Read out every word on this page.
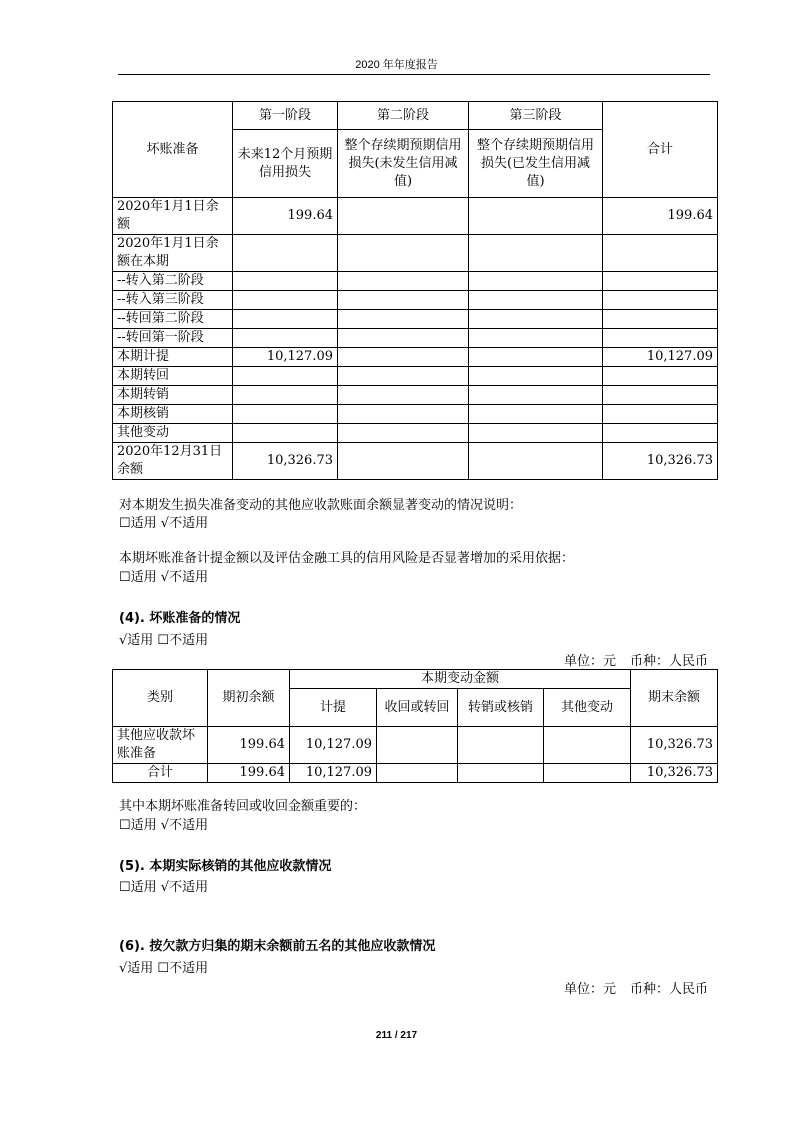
2020 年年度报告
坏账准备	第一阶段	第二阶段	第三阶段	合计
	未来12个月预期信用损失	整个存续期预期信用损失(未发生信用减值)	整个存续期预期信用损失(已发生信用减值)	
2020年1月1日余额	199.64			199.64
2020年1月1日余额在本期				
--转入第二阶段				
--转入第三阶段				
--转回第二阶段				
--转回第一阶段				
本期计提	10,127.09			10,127.09
本期转回				
本期转销				
本期核销				
其他变动				
2020年12月31日余额	10,326.73			10,326.73
对本期发生损失准备变动的其他应收款账面余额显著变动的情况说明：
☐适用 √不适用
本期坏账准备计提金额以及评估金融工具的信用风险是否显著增加的采用依据：
☐适用 √不适用
(4). 坏账准备的情况
√适用 ☐不适用
单位：元 币种：人民币
类别	期初余额	本期变动金额				期末余额
		计提	收回或转回	转销或核销	其他变动	
其他应收款坏账准备	199.64	10,127.09				10,326.73
合计	199.64	10,127.09				10,326.73
其中本期坏账准备转回或收回金额重要的：
☐适用 √不适用
(5). 本期实际核销的其他应收款情况
☐适用 √不适用
(6). 按欠款方归集的期末余额前五名的其他应收款情况
√适用 ☐不适用
单位：元 币种：人民币
211 / 217
